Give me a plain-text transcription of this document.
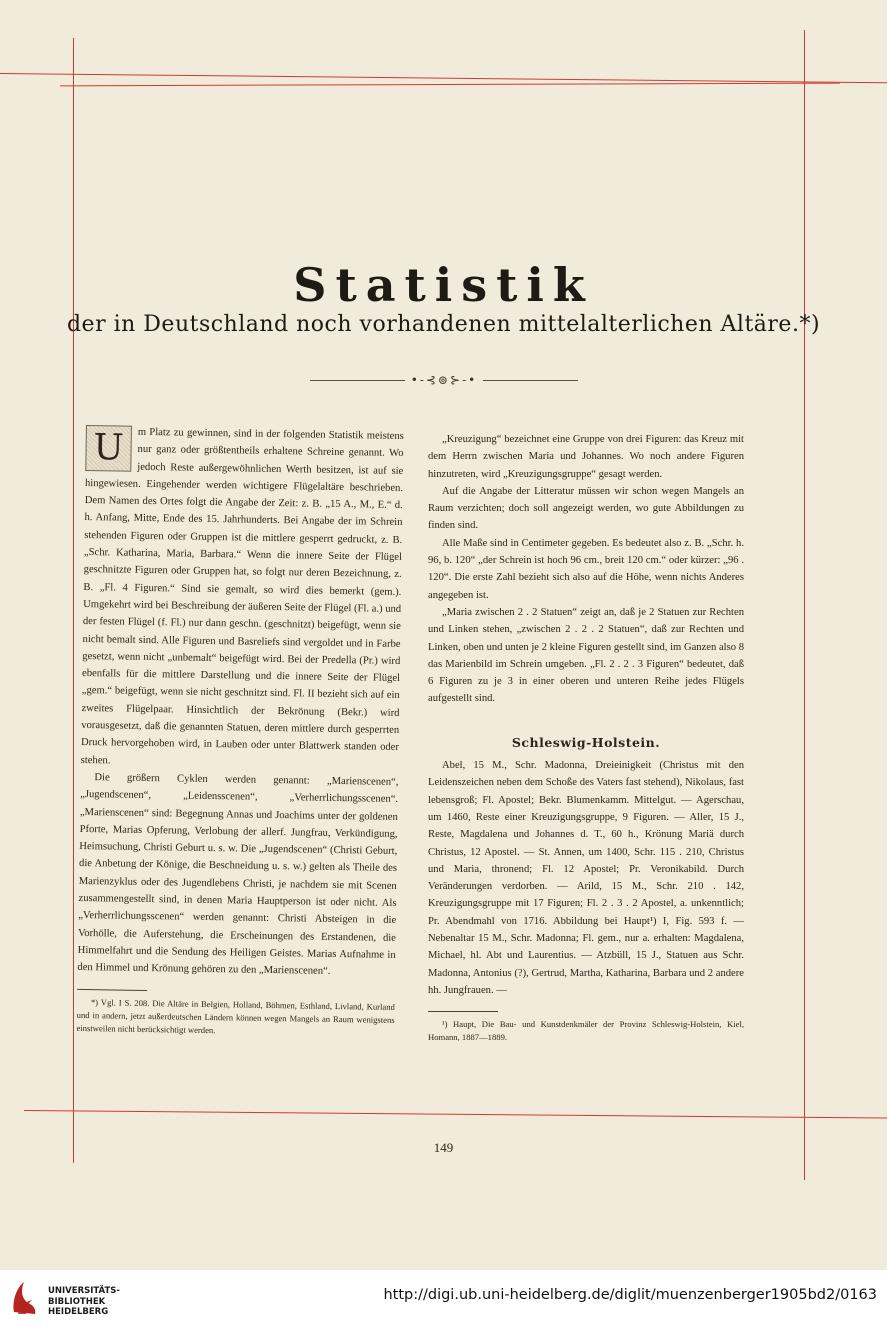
Statistik
der in Deutschland noch vorhandenen mittelalterlichen Altäre.*)
•-⊰⊚⊱-•
U	m Platz zu gewinnen, sind in der folgenden Statistik meistens nur ganz oder größtentheils erhaltene Schreine genannt. Wo jedoch Reste außergewöhnlichen Werth besitzen, ist auf sie hingewiesen. Eingehender werden wichtigere Flügelaltäre beschrieben. Dem Namen des Ortes folgt die Angabe der Zeit: z. B. „15 A., M., E.“ d. h. Anfang, Mitte, Ende des 15. Jahrhunderts. Bei Angabe der im Schrein stehenden Figuren oder Gruppen ist die mittlere gesperrt gedruckt, z. B. „Schr. Katharina, Maria, Barbara.“ Wenn die innere Seite der Flügel geschnitzte Figuren oder Gruppen hat, so folgt nur deren Bezeichnung, z. B. „Fl. 4 Figuren.“ Sind sie gemalt, so wird dies bemerkt (gem.). Umgekehrt wird bei Beschreibung der äußeren Seite der Flügel (Fl. a.) und der festen Flügel (f. Fl.) nur dann geschn. (geschnitzt) beigefügt, wenn sie nicht bemalt sind. Alle Figuren und Basreliefs sind vergoldet und in Farbe gesetzt, wenn nicht „unbemalt“ beigefügt wird. Bei der Predella (Pr.) wird ebenfalls für die mittlere Darstellung und die innere Seite der Flügel „gem.“ beigefügt, wenn sie nicht geschnitzt sind. Fl. II bezieht sich auf ein zweites Flügelpaar. Hinsichtlich der Bekrönung (Bekr.) wird vorausgesetzt, daß die genannten Statuen, deren mittlere durch gesperrten Druck hervorgehoben wird, in Lauben oder unter Blattwerk standen oder stehen.

Die größern Cyklen werden genannt: „Marienscenen“, „Jugendscenen“, „Leidensscenen“, „Verherrlichungsscenen“. „Marienscenen“ sind: Begegnung Annas und Joachims unter der goldenen Pforte, Marias Opferung, Verlobung der allerf. Jungfrau, Verkündigung, Heimsuchung, Christi Geburt u. s. w. Die „Jugendscenen“ (Christi Geburt, die Anbetung der Könige, die Beschneidung u. s. w.) gelten als Theile des Marienzyklus oder des Jugendlebens Christi, je nachdem sie mit Scenen zusammengestellt sind, in denen Maria Hauptperson ist oder nicht. Als „Verherrlichungsscenen“ werden genannt: Christi Absteigen in die Vorhölle, die Auferstehung, die Erscheinungen des Erstandenen, die Himmelfahrt und die Sendung des Heiligen Geistes. Marias Aufnahme in den Himmel und Krönung gehören zu den „Marienscenen“.

*) Vgl. I S. 208. Die Altäre in Belgien, Holland, Böhmen, Esthland, Livland, Kurland und in andern, jetzt außerdeutschen Ländern können wegen Mangels an Raum wenigstens einstweilen nicht berücksichtigt werden.

„Kreuzigung“ bezeichnet eine Gruppe von drei Figuren: das Kreuz mit dem Herrn zwischen Maria und Johannes. Wo noch andere Figuren hinzutreten, wird „Kreuzigungsgruppe“ gesagt werden.

Auf die Angabe der Litteratur müssen wir schon wegen Mangels an Raum verzichten; doch soll angezeigt werden, wo gute Abbildungen zu finden sind.

Alle Maße sind in Centimeter gegeben. Es bedeutet also z. B. „Schr. h. 96, b. 120“ „der Schrein ist hoch 96 cm., breit 120 cm.“ oder kürzer: „96 . 120“. Die erste Zahl bezieht sich also auf die Höhe, wenn nichts Anderes angegeben ist.

„Maria zwischen 2 . 2 Statuen“ zeigt an, daß je 2 Statuen zur Rechten und Linken stehen, „zwischen 2 . 2 . 2 Statuen“, daß zur Rechten und Linken, oben und unten je 2 kleine Figuren gestellt sind, im Ganzen also 8 das Marienbild im Schrein umgeben. „Fl. 2 . 2 . 3 Figuren“ bedeutet, daß 6 Figuren zu je 3 in einer oberen und unteren Reihe jedes Flügels aufgestellt sind.

Schleswig-Holstein.

Abel, 15 M., Schr. Madonna, Dreieinigkeit (Christus mit den Leidenszeichen neben dem Schoße des Vaters fast stehend), Nikolaus, fast lebensgroß; Fl. Apostel; Bekr. Blumenkamm. Mittelgut. — Agerschau, um 1460, Reste einer Kreuzigungsgruppe, 9 Figuren. — Aller, 15 J., Reste, Magdalena und Johannes d. T., 60 h., Krönung Mariä durch Christus, 12 Apostel. — St. Annen, um 1400, Schr. 115 . 210, Christus und Maria, thronend; Fl. 12 Apostel; Pr. Veronikabild. Durch Veränderungen verdorben. — Arild, 15 M., Schr. 210 . 142, Kreuzigungsgruppe mit 17 Figuren; Fl. 2 . 3 . 2 Apostel, a. unkenntlich; Pr. Abendmahl von 1716. Abbildung bei Haupt¹) I, Fig. 593 f. — Nebenaltar 15 M., Schr. Madonna; Fl. gem., nur a. erhalten: Magdalena, Michael, hl. Abt und Laurentius. — Atzbüll, 15 J., Statuen aus Schr. Madonna, Antonius (?), Gertrud, Martha, Katharina, Barbara und 2 andere hh. Jungfrauen. —

¹) Haupt, Die Bau- und Kunstdenkmäler der Provinz Schleswig-Holstein, Kiel, Homann, 1887—1889.

149
UNIVERSITÄTS-
BIBLIOTHEK
HEIDELBERG
http://digi.ub.uni-heidelberg.de/diglit/muenzenberger1905bd2/0163
